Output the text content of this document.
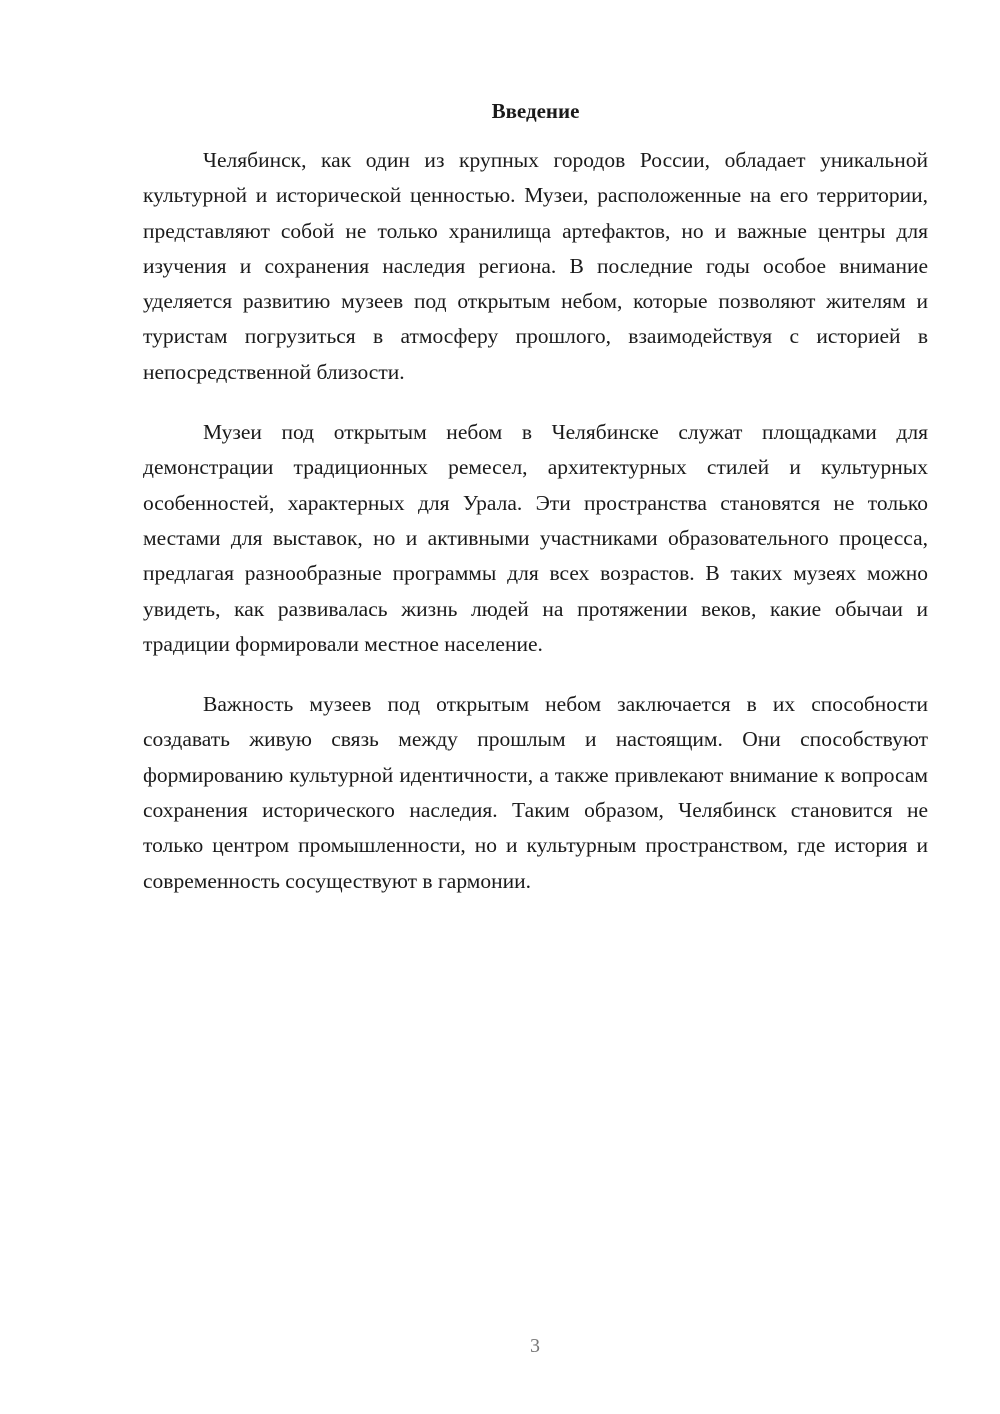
Введение

Челябинск, как один из крупных городов России, обладает уникальной культурной и исторической ценностью. Музеи, расположенные на его территории, представляют собой не только хранилища артефактов, но и важные центры для изучения и сохранения наследия региона. В последние годы особое внимание уделяется развитию музеев под открытым небом, которые позволяют жителям и туристам погрузиться в атмосферу прошлого, взаимодействуя с историей в непосредственной близости.

Музеи под открытым небом в Челябинске служат площадками для демонстрации традиционных ремесел, архитектурных стилей и культурных особенностей, характерных для Урала. Эти пространства становятся не только местами для выставок, но и активными участниками образовательного процесса, предлагая разнообразные программы для всех возрастов. В таких музеях можно увидеть, как развивалась жизнь людей на протяжении веков, какие обычаи и традиции формировали местное население.

Важность музеев под открытым небом заключается в их способности создавать живую связь между прошлым и настоящим. Они способствуют формированию культурной идентичности, а также привлекают внимание к вопросам сохранения исторического наследия. Таким образом, Челябинск становится не только центром промышленности, но и культурным пространством, где история и современность сосуществуют в гармонии.

3
